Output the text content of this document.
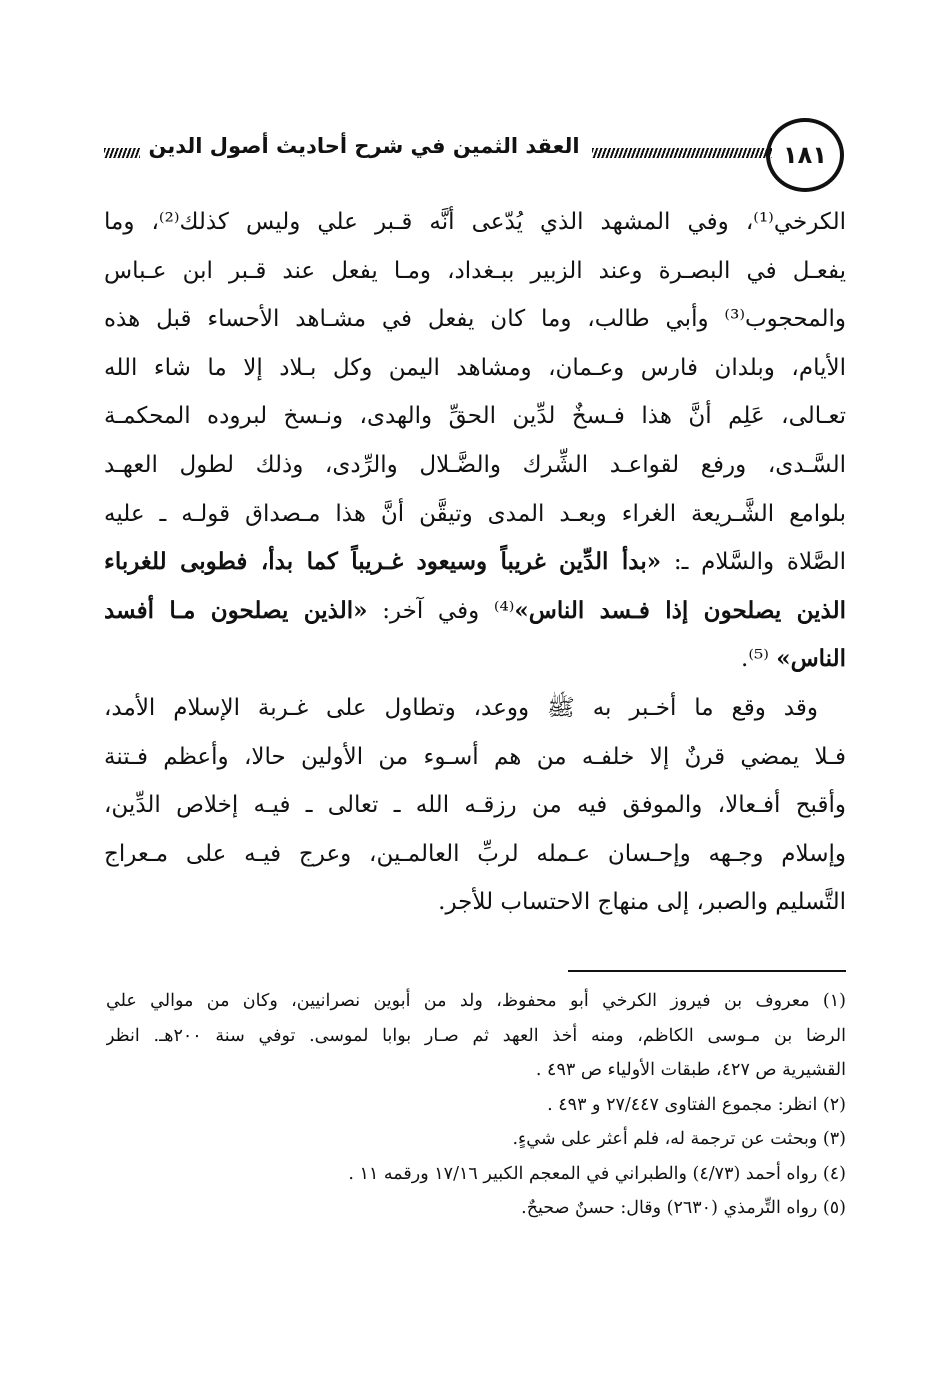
العقد الثمين في شرح أحاديث أصول الدين	١٨١
الكرخي⁽¹⁾، وفي المشهد الذي يُدّعى أنَّه قـبر علي وليس كذلك⁽²⁾، وما
يفعـل في البصـرة وعند الزبير ببـغداد، ومـا يفعل عند قـبر ابن عـباس
والمحجوب⁽³⁾ وأبي طالب، وما كان يفعل في مشـاهد الأحساء قبل هذه
الأيام، وبلدان فارس وعـمان، ومشاهد اليمن وكل بـلاد إلا ما شاء الله
تعـالى، عَلِم أنَّ هذا فـسخٌ لدِّين الحقِّ والهدى، ونـسخ لبروده المحكمـة
السَّـدى، ورفع لقواعـد الشِّرك والضَّـلال والرِّدى، وذلك لطول العهـد
بلوامع الشَّـريعة الغراء وبعـد المدى وتيقَّن أنَّ هذا مـصداق قولـه ـ عليه
الصَّلاة والسَّلام ـ: «بدأ الدِّين غريباً وسيعود غـريباً كما بدأ، فطوبى للغرباء
الذين يصلحون إذا فـسد الناس»⁽⁴⁾ وفي آخر: «الذين يصلحون مـا أفسد
الناس» ⁽⁵⁾.
وقد وقع ما أخـبر به ﷺ ووعد، وتطاول على غـربة الإسلام الأمد،
فـلا يمضي قرنٌ إلا خلفـه من هم أسـوء من الأولين حالا، وأعظم فـتنة
وأقبح أفـعالا، والموفق فيه من رزقـه الله ـ تعالى ـ فيـه إخلاص الدِّين،
وإسلام وجـهه وإحـسان عـمله لربِّ العالمـين، وعرج فيـه على مـعراج
التَّسليم والصبر، إلى منهاج الاحتساب للأجر.
(١) معروف بن فيروز الكرخي أبو محفوظ، ولد من أبوين نصرانيين، وكان من موالي علي
الرضا بن مـوسى الكاظم، ومنه أخذ العهد ثم صـار بوابا لموسى. توفي سنة ٢٠٠هـ. انظر
القشيرية ص ٤٢٧، طبقات الأولياء ص ٤٩٣ .
(٢) انظر: مجموع الفتاوى ٢٧/٤٤٧ و ٤٩٣ .
(٣) وبحثت عن ترجمة له، فلم أعثر على شيءٍ.
(٤) رواه أحمد (٤/٧٣) والطبراني في المعجم الكبير ١٧/١٦ ورقمه ١١ .
(٥) رواه التِّرمذي (٢٦٣٠) وقال: حسنٌ صحيحٌ.
